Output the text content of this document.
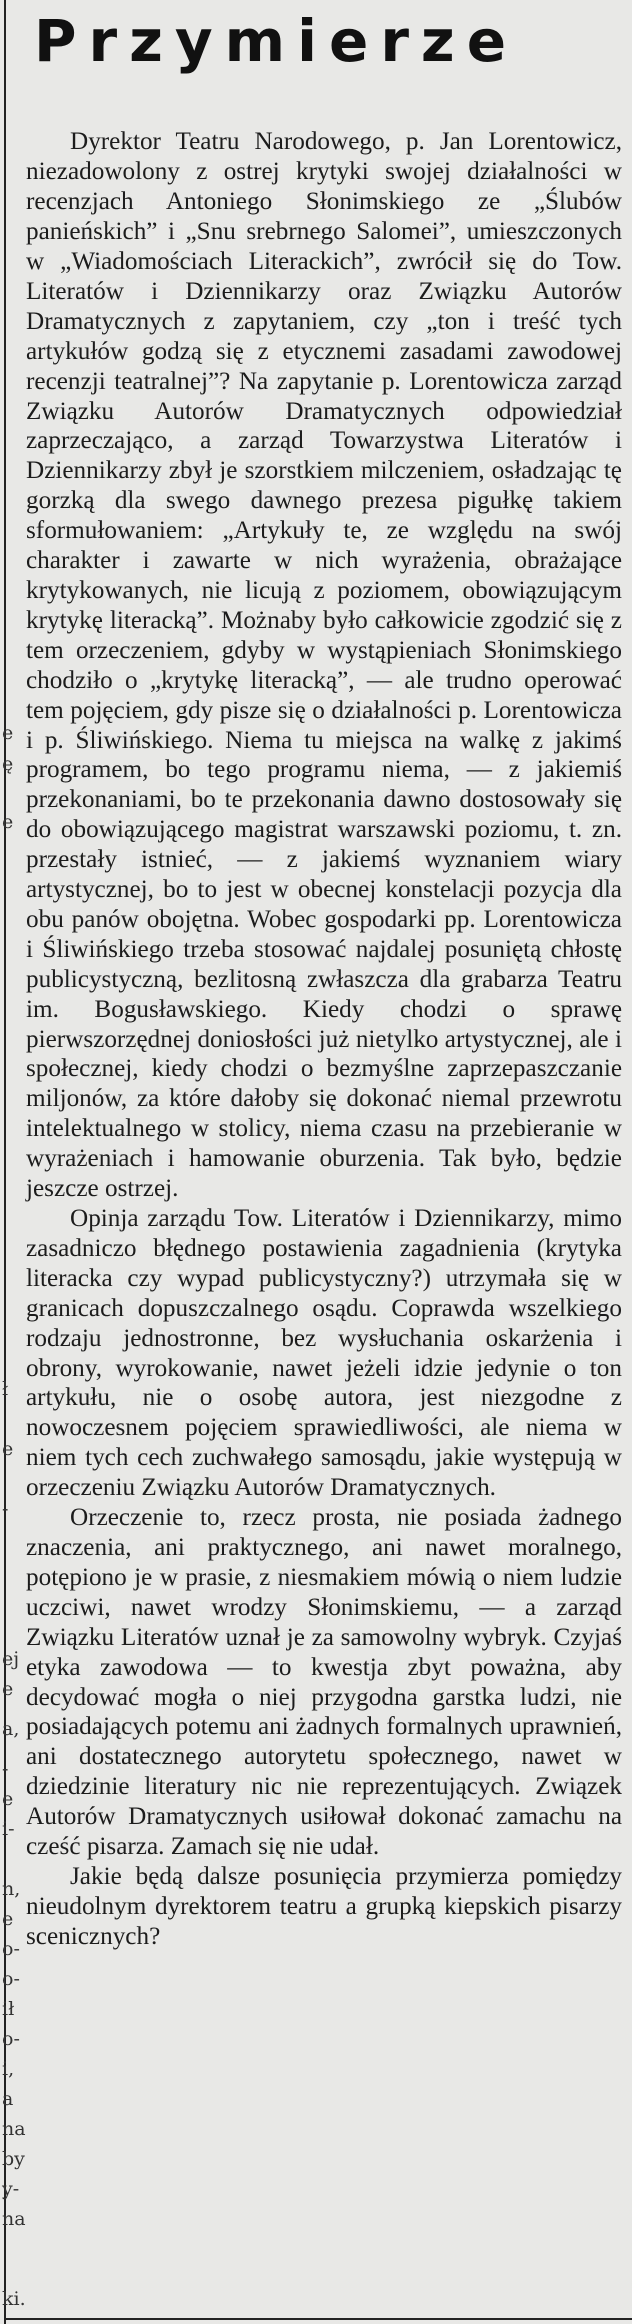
e
ę
e
ł
e
-
ej
e
a,
-
e
i-
n,
e
o-
o-
ił
o-
i,
a
na
by
y-
na
ki.
Przymierze

Dyrektor Teatru Narodowego, p. Jan Lorentowicz, niezadowolony z ostrej krytyki swojej działalności w recenzjach Antoniego Słonimskiego ze „Ślubów panieńskich” i „Snu srebrnego Salomei”, umieszczonych w „Wiadomościach Literackich”, zwrócił się do Tow. Literatów i Dziennikarzy oraz Związku Autorów Dramatycznych z zapytaniem, czy „ton i treść tych artykułów godzą się z etycznemi zasadami zawodowej recenzji teatralnej”? Na zapytanie p. Lorentowicza zarząd Związku Autorów Dramatycznych odpowiedział zaprzeczająco, a zarząd Towarzystwa Literatów i Dziennikarzy zbył je szorstkiem milczeniem, osładzając tę gorzką dla swego dawnego prezesa pigułkę takiem sformułowaniem: „Artykuły te, ze względu na swój charakter i zawarte w nich wyrażenia, obrażające krytykowanych, nie licują z poziomem, obowiązującym krytykę literacką”. Możnaby było całkowicie zgodzić się z tem orzeczeniem, gdyby w wystąpieniach Słonimskiego chodziło o „krytykę literacką”, — ale trudno operować tem pojęciem, gdy pisze się o działalności p. Lorentowicza i p. Śliwińskiego. Niema tu miejsca na walkę z jakimś programem, bo tego programu niema, — z jakiemiś przekonaniami, bo te przekonania dawno dostosowały się do obowiązującego magistrat warszawski poziomu, t. zn. przestały istnieć, — z jakiemś wyznaniem wiary artystycznej, bo to jest w obecnej konstelacji pozycja dla obu panów obojętna. Wobec gospodarki pp. Lorentowicza i Śliwińskiego trzeba stosować najdalej posuniętą chłostę publicystyczną, bezlitosną zwłaszcza dla grabarza Teatru im. Bogusławskiego. Kiedy chodzi o sprawę pierwszorzędnej doniosłości już nietylko artystycznej, ale i społecznej, kiedy chodzi o bezmyślne zaprzepaszczanie miljonów, za które dałoby się dokonać niemal przewrotu intelektualnego w stolicy, niema czasu na przebieranie w wyrażeniach i hamowanie oburzenia. Tak było, będzie jeszcze ostrzej.

Opinja zarządu Tow. Literatów i Dziennikarzy, mimo zasadniczo błędnego postawienia zagadnienia (krytyka literacka czy wypad publicystyczny?) utrzymała się w granicach dopuszczalnego osądu. Coprawda wszelkiego rodzaju jednostronne, bez wysłuchania oskarżenia i obrony, wyrokowanie, nawet jeżeli idzie jedynie o ton artykułu, nie o osobę autora, jest niezgodne z nowoczesnem pojęciem sprawiedliwości, ale niema w niem tych cech zuchwałego samosądu, jakie występują w orzeczeniu Związku Autorów Dramatycznych.

Orzeczenie to, rzecz prosta, nie posiada żadnego znaczenia, ani praktycznego, ani nawet moralnego, potępiono je w prasie, z niesmakiem mówią o niem ludzie uczciwi, nawet wrodzy Słonimskiemu, — a zarząd Związku Literatów uznał je za samowolny wybryk. Czyjaś etyka zawodowa — to kwestja zbyt poważna, aby decydować mogła o niej przygodna garstka ludzi, nie posiadających potemu ani żadnych formalnych uprawnień, ani dostatecznego autorytetu społecznego, nawet w dziedzinie literatury nic nie reprezentujących. Związek Autorów Dramatycznych usiłował dokonać zamachu na cześć pisarza. Zamach się nie udał.

Jakie będą dalsze posunięcia przymierza pomiędzy nieudolnym dyrektorem teatru a grupką kiepskich pisarzy scenicznych?
